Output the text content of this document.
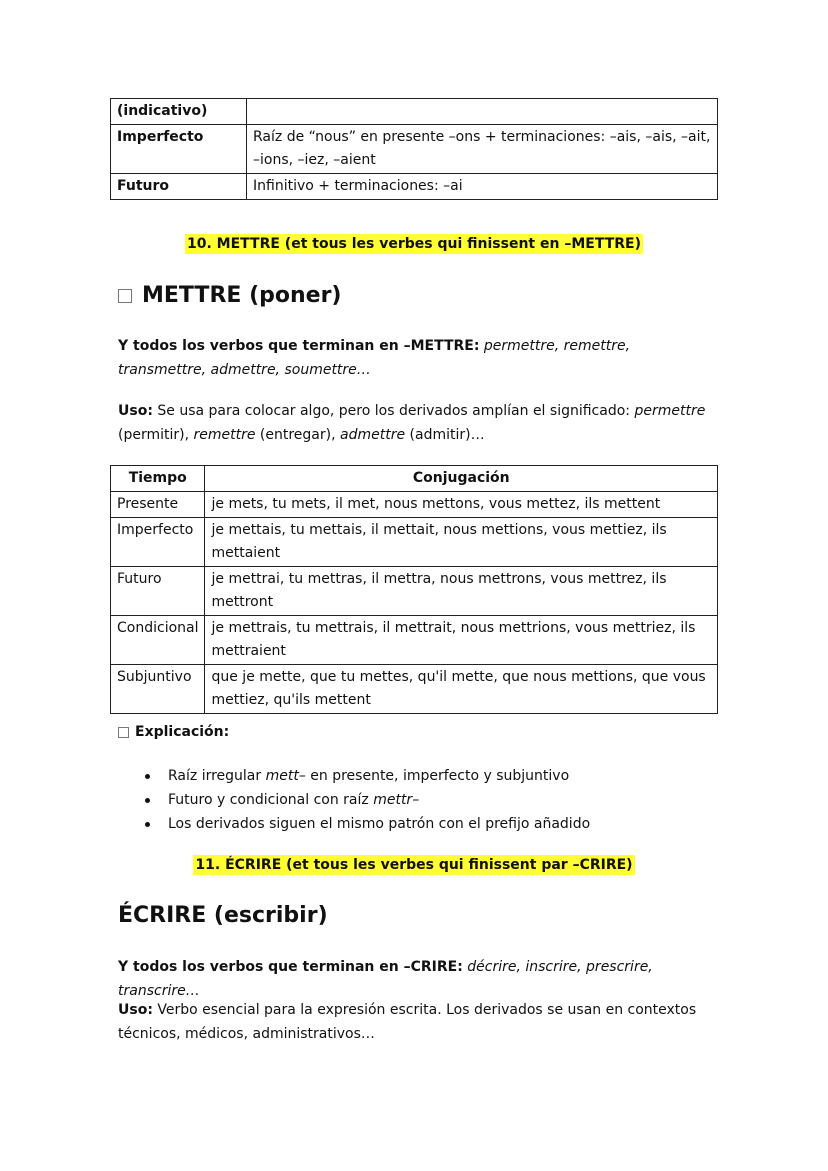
(indicativo)	
Imperfecto	Raíz de “nous” en presente –ons + terminaciones: –ais, –ais, –ait, –ions, –iez, –aient
Futuro	Infinitivo + terminaciones: –ai
10. METTRE (et tous les verbes qui finissent en –METTRE)
METTRE (poner)
Y todos los verbos que terminan en –METTRE: permettre, remettre, transmettre, admettre, soumettre…
Uso: Se usa para colocar algo, pero los derivados amplían el significado: permettre (permitir), remettre (entregar), admettre (admitir)…
Tiempo	Conjugación
Presente	je mets, tu mets, il met, nous mettons, vous mettez, ils mettent
Imperfecto	je mettais, tu mettais, il mettait, nous mettions, vous mettiez, ils mettaient
Futuro	je mettrai, tu mettras, il mettra, nous mettrons, vous mettrez, ils mettront
Condicional	je mettrais, tu mettrais, il mettrait, nous mettrions, vous mettriez, ils mettraient
Subjuntivo	que je mette, que tu mettes, qu'il mette, que nous mettions, que vous mettiez, qu'ils mettent
Explicación:
Raíz irregular mett– en presente, imperfecto y subjuntivo
Futuro y condicional con raíz mettr–
Los derivados siguen el mismo patrón con el prefijo añadido
11. ÉCRIRE (et tous les verbes qui finissent par –CRIRE)
ÉCRIRE (escribir)
Y todos los verbos que terminan en –CRIRE: décrire, inscrire, prescrire, transcrire…
Uso: Verbo esencial para la expresión escrita. Los derivados se usan en contextos técnicos, médicos, administrativos…
